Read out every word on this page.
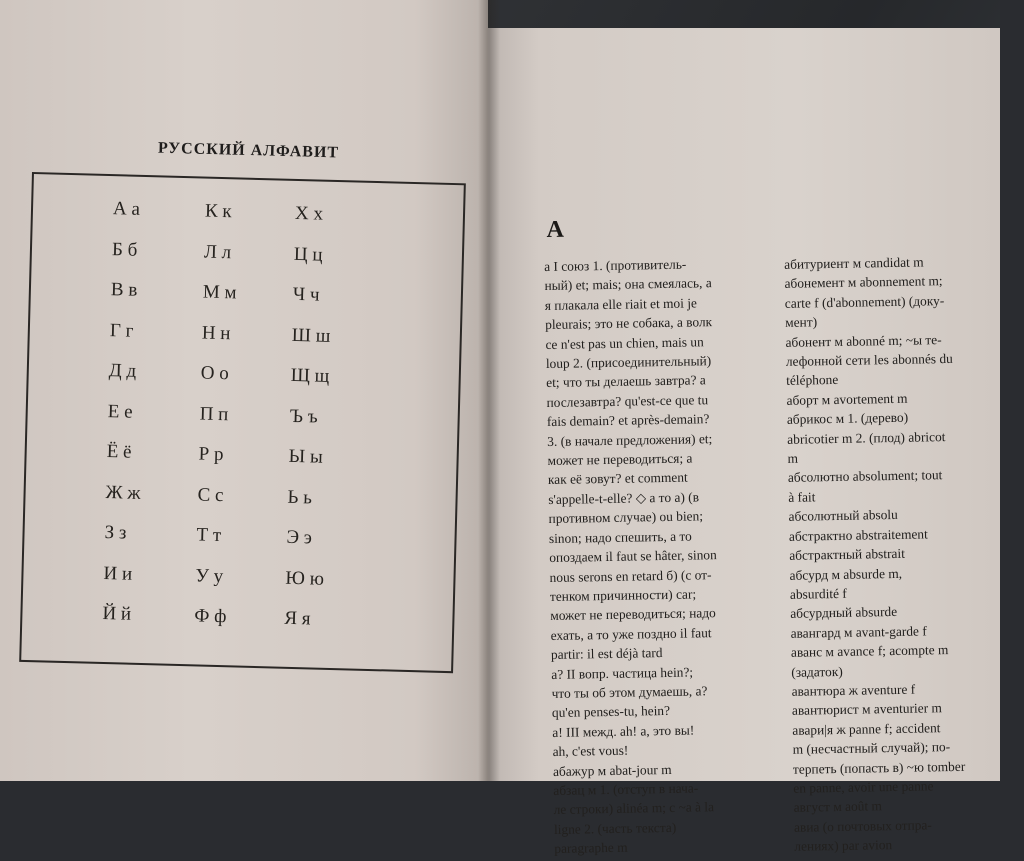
РУССКИЙ АЛФАВИТ
А а
Б б
В в
Г г
Д д
Е е
Ё ё
Ж ж
З з
И и
Й й
К к
Л л
М м
Н н
О о
П п
Р р
С с
Т т
У у
Ф ф
Х х
Ц ц
Ч ч
Ш ш
Щ щ
Ъ ъ
Ы ы
Ь ь
Э э
Ю ю
Я я
А
а I союз 1. (противитель-
ный) et; mais; она смеялась, а
я плакала elle riait et moi je
pleurais; это не собака, а волк
ce n'est pas un chien, mais un
loup 2. (присоединительный)
et; что ты делаешь завтра? а
послезавтра? qu'est-ce que tu
fais demain? et après-demain?
3. (в начале предложения) et;
может не переводиться; а
как её зовут? et comment
s'appelle-t-elle? ◇ а то а) (в
противном случае) ou bien;
sinon; надо спешить, а то
опоздаем il faut se hâter, sinon
nous serons en retard б) (с от-
тенком причинности) car;
может не переводиться; надо
ехать, а то уже поздно il faut
partir: il est déjà tard
а? II вопр. частица hein?;
что ты об этом думаешь, а?
qu'en penses-tu, hein?
а! III межд. ah! а, это вы!
ah, c'est vous!
абажур м abat-jour m
абзац м 1. (отступ в нача-
ле строки) alinéa m; с ~а à la
ligne 2. (часть текста)
paragraphe m
абитуриент м candidat m
абонемент м abonnement m;
carte f (d'abonnement) (доку-
мент)
абонент м abonné m; ~ы те-
лефонной сети les abonnés du
téléphone
аборт м avortement m
абрикос м 1. (дерево)
abricotier m 2. (плод) abricot
m
абсолютно absolument; tout
à fait
абсолютный absolu
абстрактно abstraitement
абстрактный abstrait
абсурд м absurde m,
absurdité f
абсурдный absurde
авангард м avant-garde f
аванс м avance f; acompte m
(задаток)
авантюра ж aventure f
авантюрист м aventurier m
авари|я ж panne f; accident
m (несчастный случай); по-
терпеть (попасть в) ~ю tomber
en panne, avoir une panne
август м août m
авиа (о почтовых отпра-
лениях) par avion
